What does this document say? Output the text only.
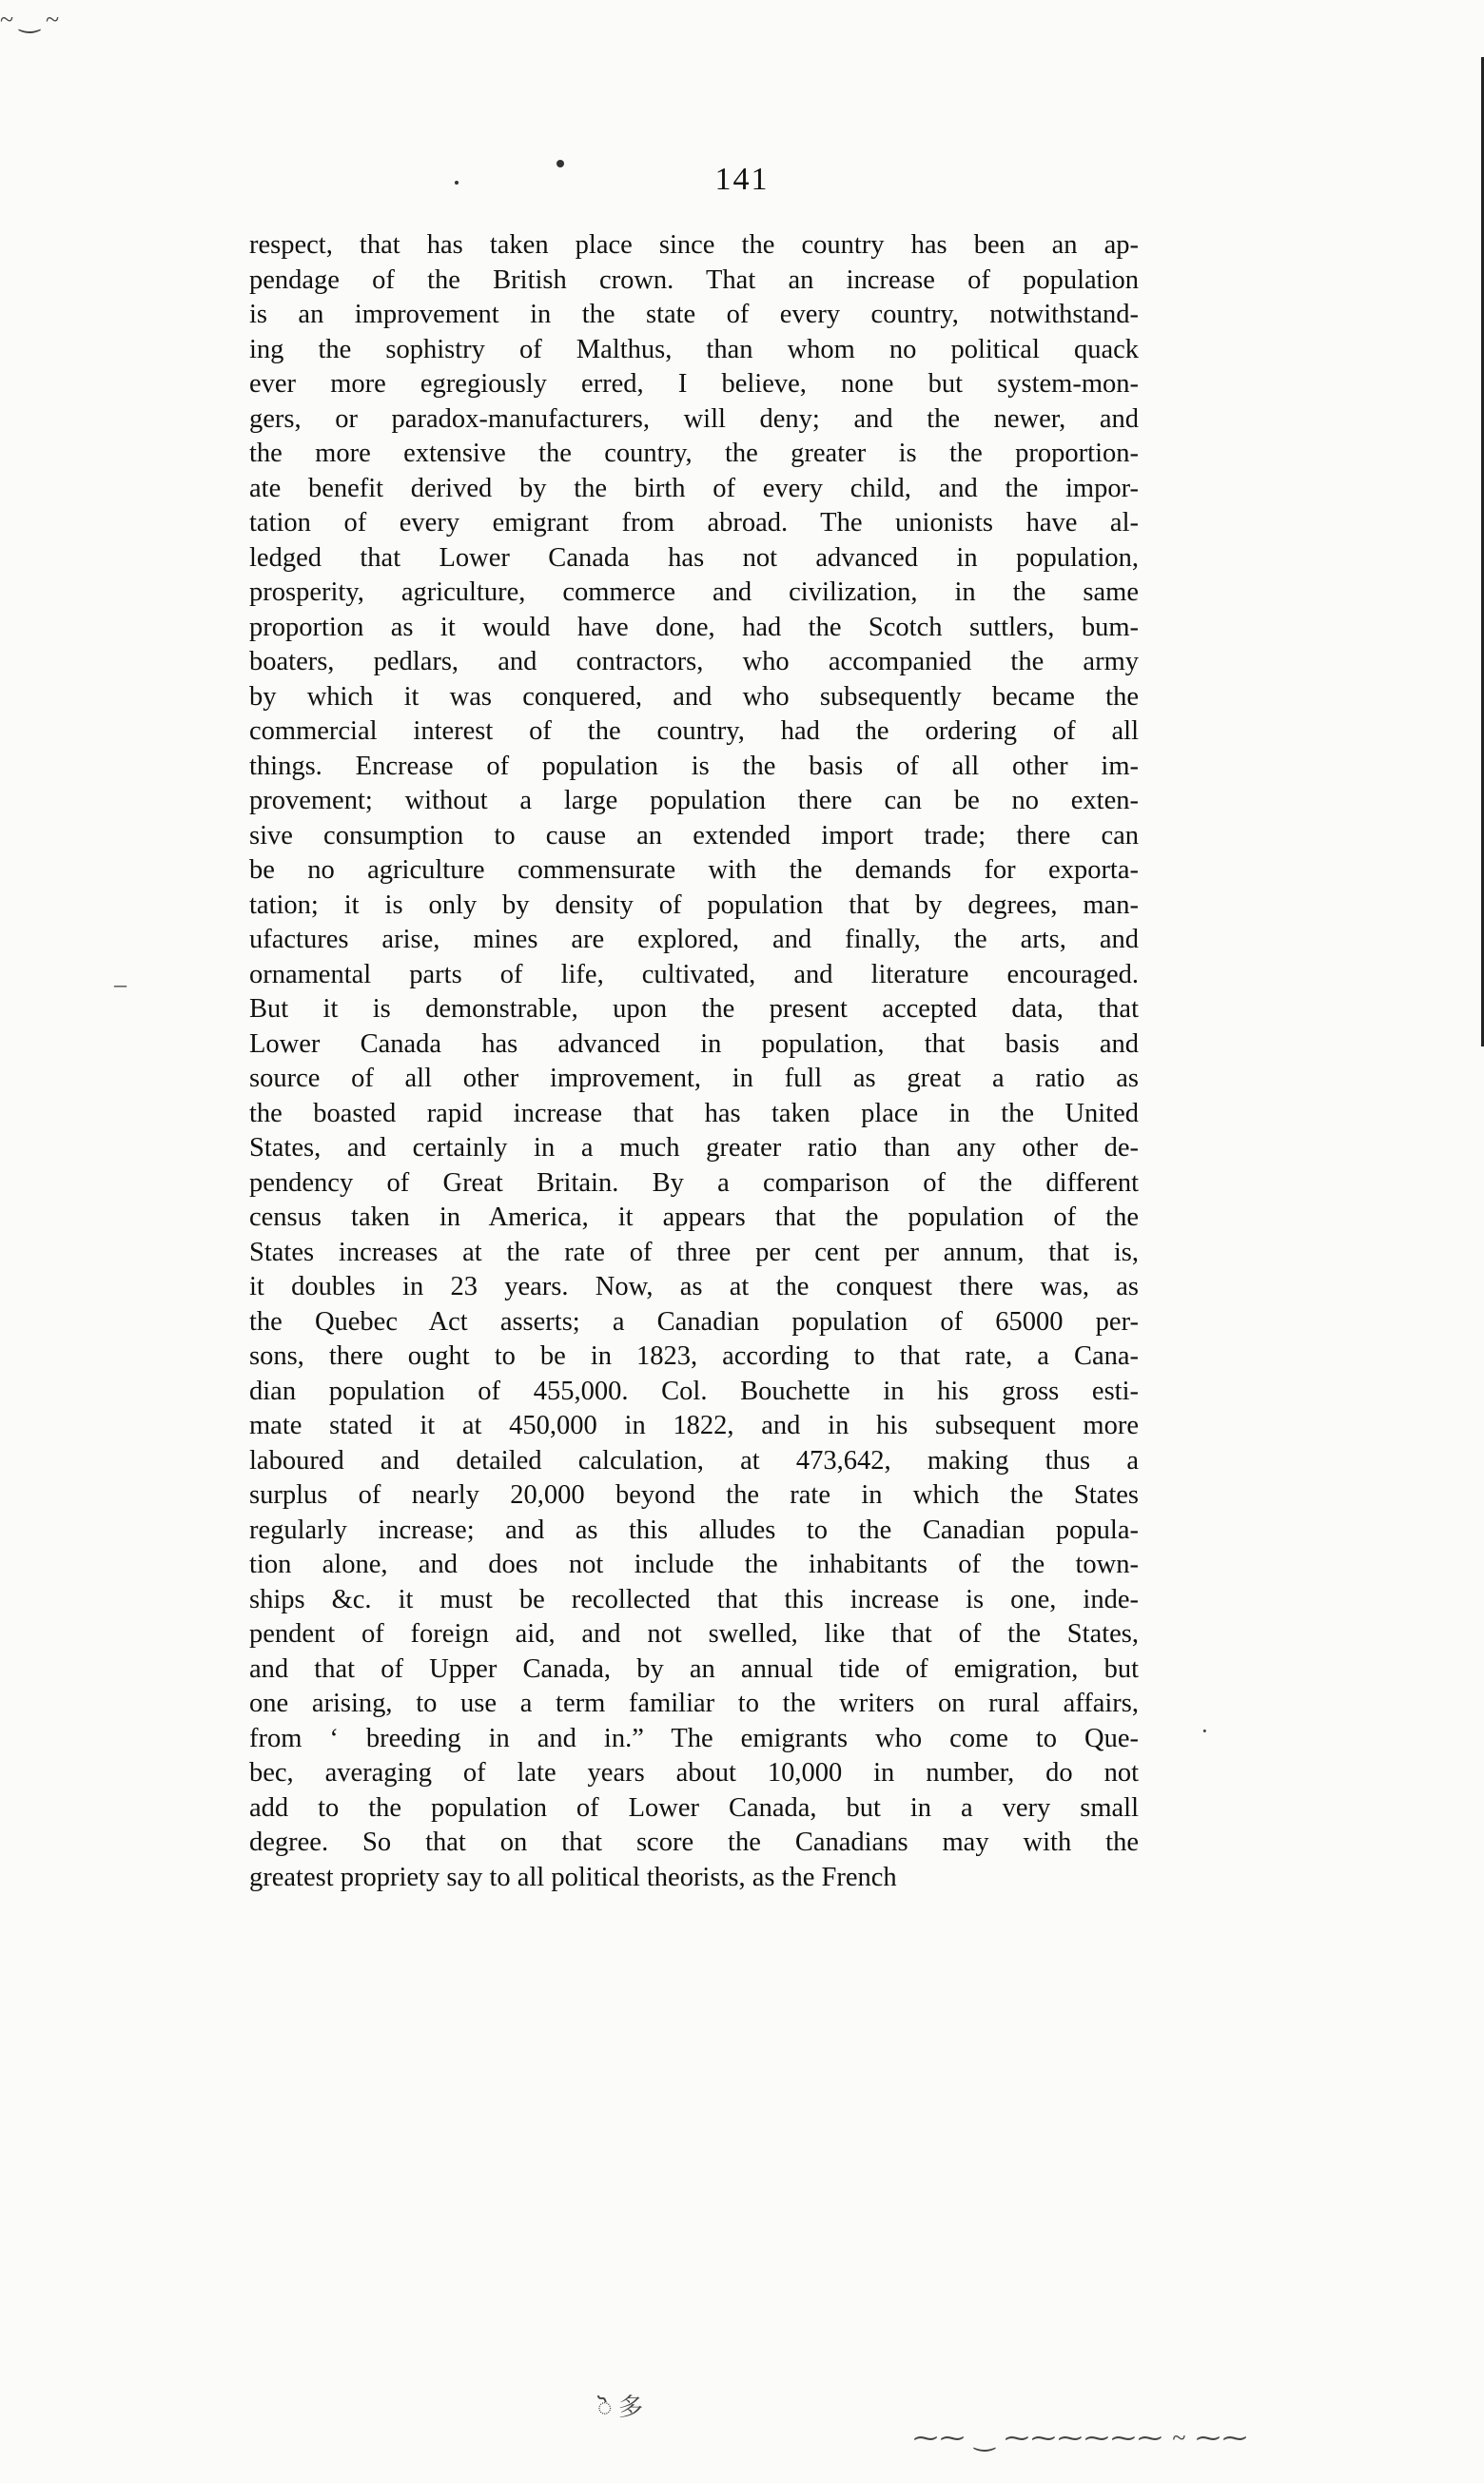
~ ‿ ~
–
·
ॆ 多
⁓⁓ ‿ ⁓⁓⁓⁓⁓⁓ ~ ⁓⁓
141
respect, that has taken place since the country has been an ap-
pendage of the British crown. That an increase of population
is an improvement in the state of every country, notwithstand-
ing the sophistry of Malthus, than whom no political quack
ever more egregiously erred, I believe, none but system-mon-
gers, or paradox-manufacturers, will deny; and the newer, and
the more extensive the country, the greater is the proportion-
ate benefit derived by the birth of every child, and the impor-
tation of every emigrant from abroad. The unionists have al-
ledged that Lower Canada has not advanced in population,
prosperity, agriculture, commerce and civilization, in the same
proportion as it would have done, had the Scotch suttlers, bum-
boaters, pedlars, and contractors, who accompanied the army
by which it was conquered, and who subsequently became the
commercial interest of the country, had the ordering of all
things. Encrease of population is the basis of all other im-
provement; without a large population there can be no exten-
sive consumption to cause an extended import trade; there can
be no agriculture commensurate with the demands for exporta-
tation; it is only by density of population that by degrees, man-
ufactures arise, mines are explored, and finally, the arts, and
ornamental parts of life, cultivated, and literature encouraged.
But it is demonstrable, upon the present accepted data, that
Lower Canada has advanced in population, that basis and
source of all other improvement, in full as great a ratio as
the boasted rapid increase that has taken place in the United
States, and certainly in a much greater ratio than any other de-
pendency of Great Britain. By a comparison of the different
census taken in America, it appears that the population of the
States increases at the rate of three per cent per annum, that is,
it doubles in 23 years. Now, as at the conquest there was, as
the Quebec Act asserts; a Canadian population of 65000 per-
sons, there ought to be in 1823, according to that rate, a Cana-
dian population of 455,000. Col. Bouchette in his gross esti-
mate stated it at 450,000 in 1822, and in his subsequent more
laboured and detailed calculation, at 473,642, making thus a
surplus of nearly 20,000 beyond the rate in which the States
regularly increase; and as this alludes to the Canadian popula-
tion alone, and does not include the inhabitants of the town-
ships &c. it must be recollected that this increase is one, inde-
pendent of foreign aid, and not swelled, like that of the States,
and that of Upper Canada, by an annual tide of emigration, but
one arising, to use a term familiar to the writers on rural affairs,
from ‘ breeding in and in.” The emigrants who come to Que-
bec, averaging of late years about 10,000 in number, do not
add to the population of Lower Canada, but in a very small
degree. So that on that score the Canadians may with the
greatest propriety say to all political theorists, as the French
